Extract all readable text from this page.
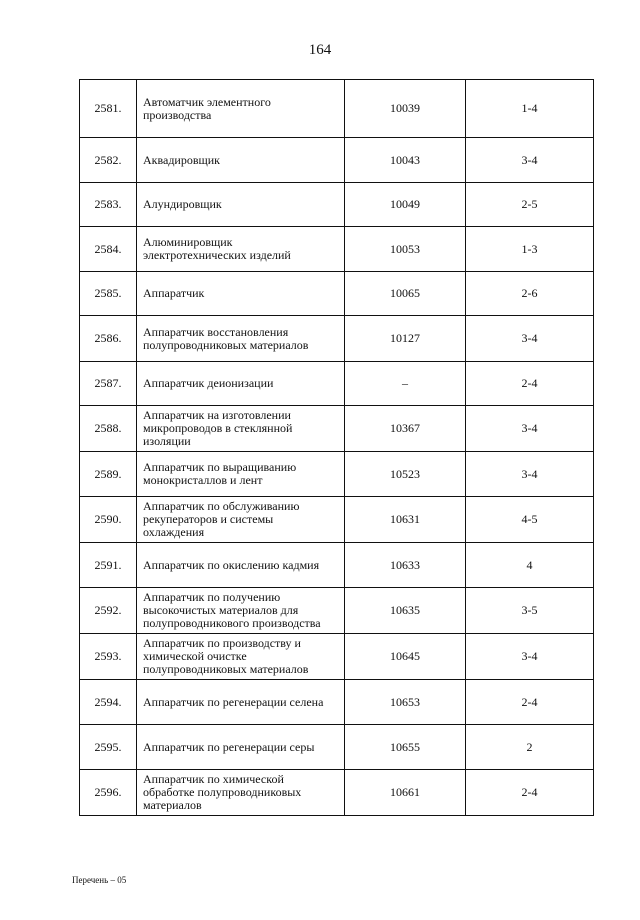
164
2581.	Автоматчик элементного
производства	10039	1-4
2582.	Аквадировщик	10043	3-4
2583.	Алундировщик	10049	2-5
2584.	Алюминировщик
электротехнических изделий	10053	1-3
2585.	Аппаратчик	10065	2-6
2586.	Аппаратчик восстановления
полупроводниковых материалов	10127	3-4
2587.	Аппаратчик деионизации	–	2-4
2588.	Аппаратчик на изготовлении
микропроводов в стеклянной
изоляции	10367	3-4
2589.	Аппаратчик по выращиванию
монокристаллов и лент	10523	3-4
2590.	Аппаратчик по обслуживанию
рекуператоров и системы
охлаждения	10631	4-5
2591.	Аппаратчик по окислению кадмия	10633	4
2592.	Аппаратчик по получению
высокочистых материалов для
полупроводникового производства	10635	3-5
2593.	Аппаратчик по производству и
химической очистке
полупроводниковых материалов	10645	3-4
2594.	Аппаратчик по регенерации селена	10653	2-4
2595.	Аппаратчик по регенерации серы	10655	2
2596.	Аппаратчик по химической
обработке полупроводниковых
материалов	10661	2-4
Перечень – 05
